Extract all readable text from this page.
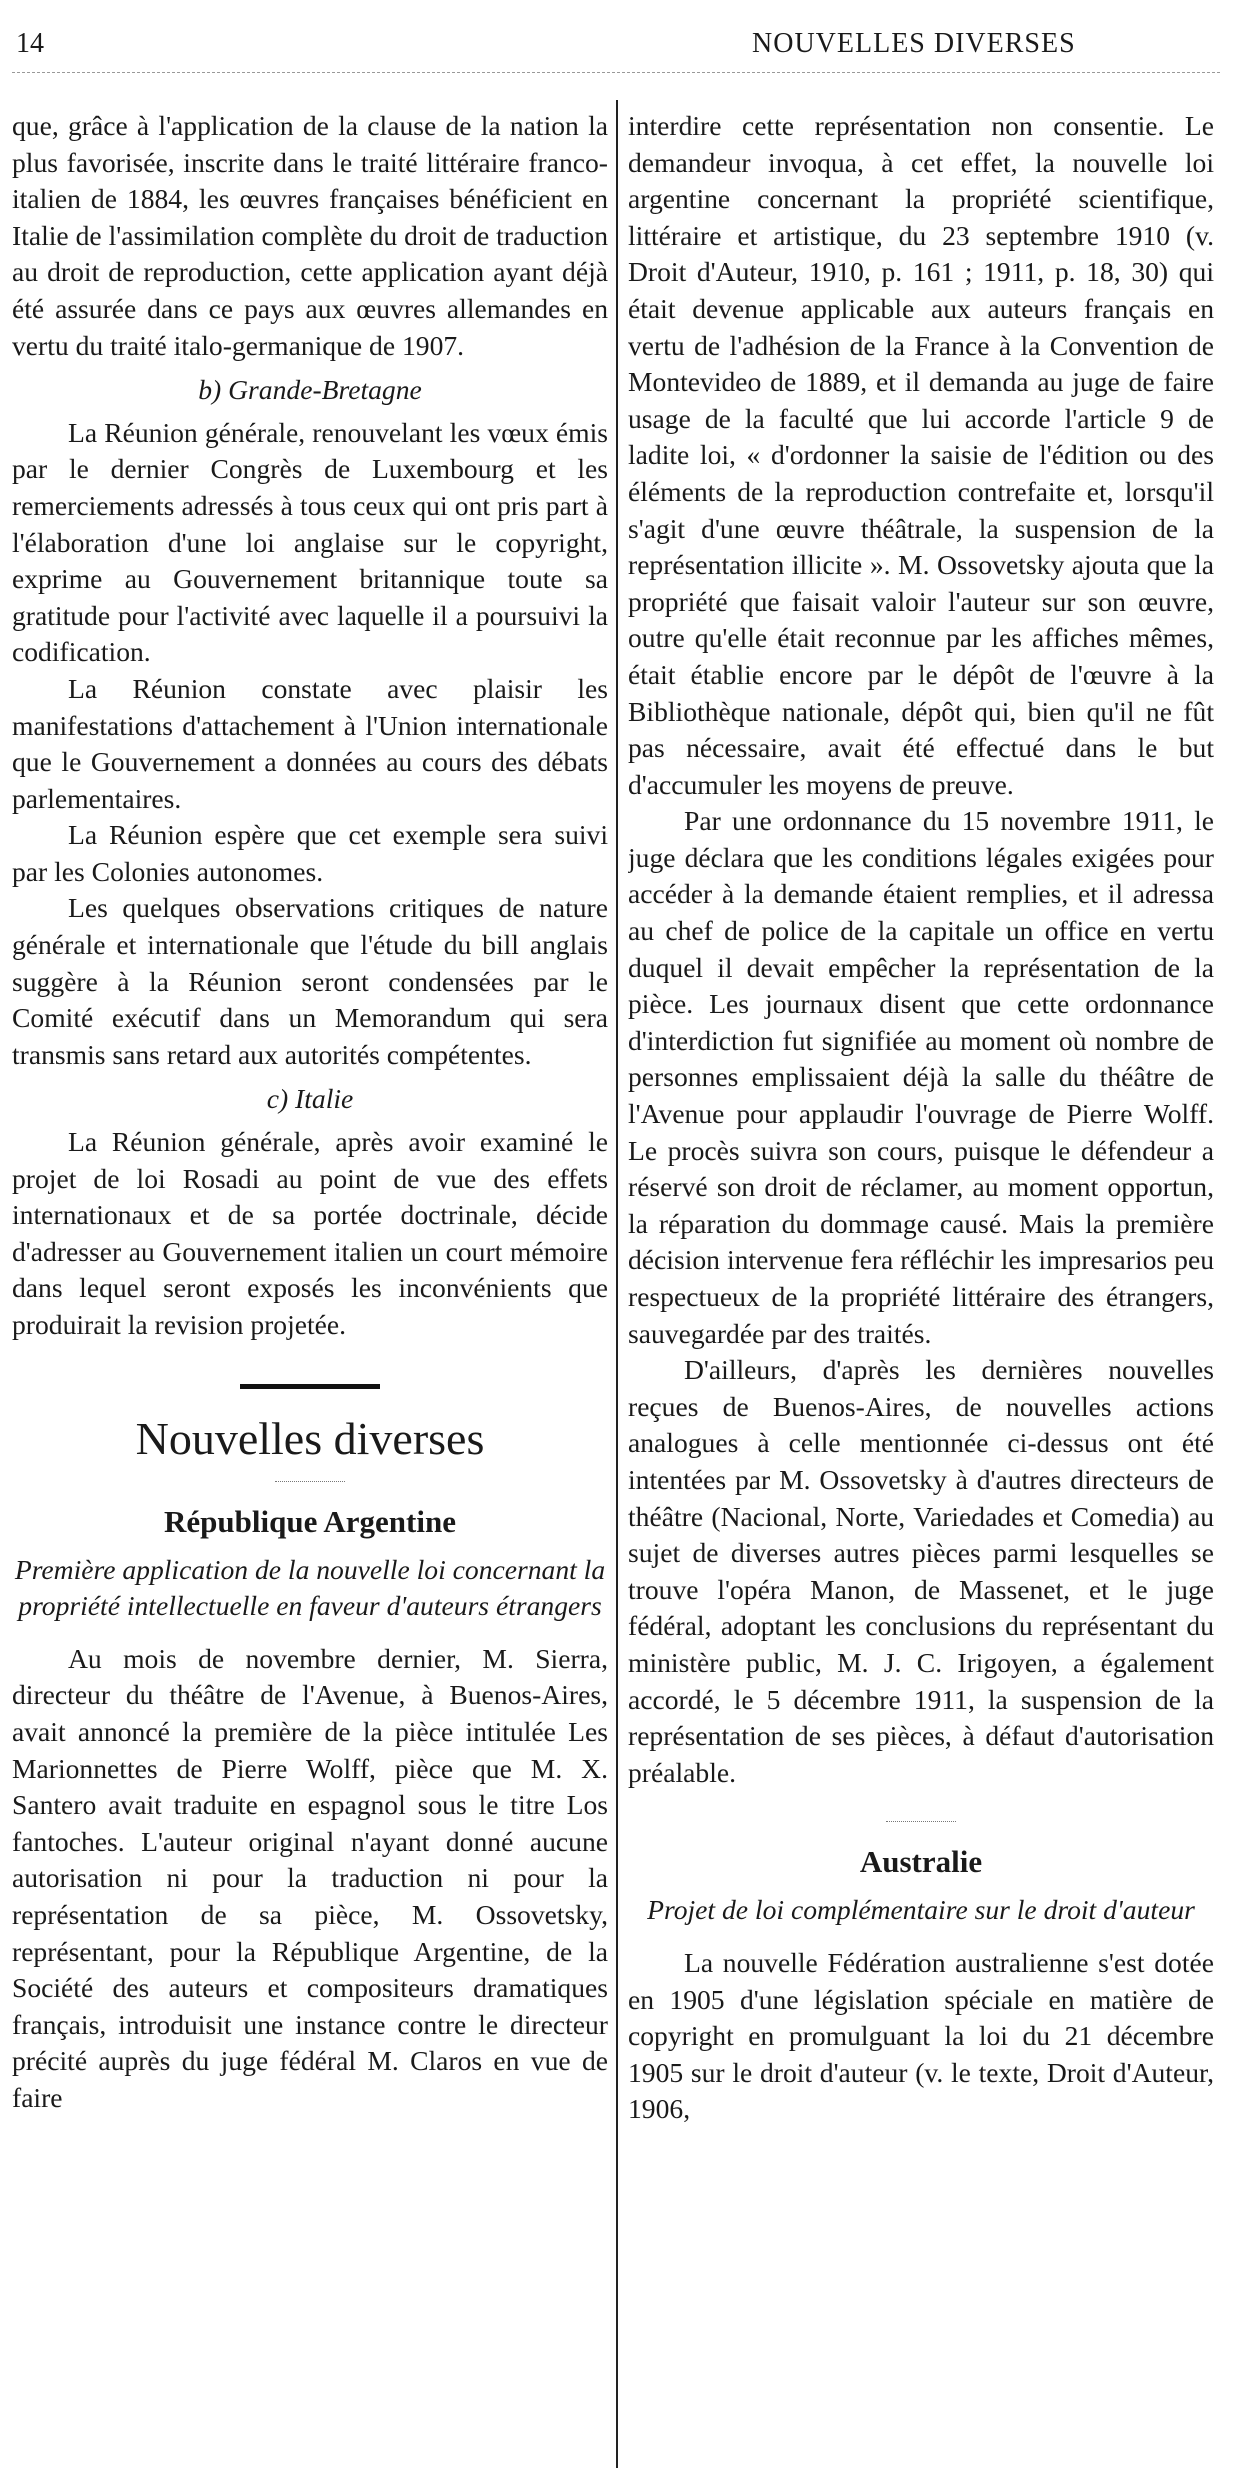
14	NOUVELLES DIVERSES

que, grâce à l'application de la clause de la nation la plus favorisée, inscrite dans le traité littéraire franco-italien de 1884, les œuvres françaises bénéficient en Italie de l'assimilation complète du droit de traduction au droit de reproduction, cette application ayant déjà été assurée dans ce pays aux œuvres allemandes en vertu du traité italo-germanique de 1907.

b) Grande-Bretagne

La Réunion générale, renouvelant les vœux émis par le dernier Congrès de Luxembourg et les remerciements adressés à tous ceux qui ont pris part à l'élaboration d'une loi anglaise sur le copyright, exprime au Gouvernement britannique toute sa gratitude pour l'activité avec laquelle il a poursuivi la codification.

La Réunion constate avec plaisir les manifestations d'attachement à l'Union internationale que le Gouvernement a données au cours des débats parlementaires.

La Réunion espère que cet exemple sera suivi par les Colonies autonomes.

Les quelques observations critiques de nature générale et internationale que l'étude du bill anglais suggère à la Réunion seront condensées par le Comité exécutif dans un Memorandum qui sera transmis sans retard aux autorités compétentes.

c) Italie

La Réunion générale, après avoir examiné le projet de loi Rosadi au point de vue des effets internationaux et de sa portée doctrinale, décide d'adresser au Gouvernement italien un court mémoire dans lequel seront exposés les inconvénients que produirait la revision projetée.

Nouvelles diverses
République Argentine

Première application de la nouvelle loi concernant la propriété intellectuelle en faveur d'auteurs étrangers

Au mois de novembre dernier, M. Sierra, directeur du théâtre de l'Avenue, à Buenos-Aires, avait annoncé la première de la pièce intitulée Les Marionnettes de Pierre Wolff, pièce que M. X. Santero avait traduite en espagnol sous le titre Los fantoches. L'auteur original n'ayant donné aucune autorisation ni pour la traduction ni pour la représentation de sa pièce, M. Ossovetsky, représentant, pour la République Argentine, de la Société des auteurs et compositeurs dramatiques français, introduisit une instance contre le directeur précité auprès du juge fédéral M. Claros en vue de faire

interdire cette représentation non consentie. Le demandeur invoqua, à cet effet, la nouvelle loi argentine concernant la propriété scientifique, littéraire et artistique, du 23 septembre 1910 (v. Droit d'Auteur, 1910, p. 161 ; 1911, p. 18, 30) qui était devenue applicable aux auteurs français en vertu de l'adhésion de la France à la Convention de Montevideo de 1889, et il demanda au juge de faire usage de la faculté que lui accorde l'article 9 de ladite loi, « d'ordonner la saisie de l'édition ou des éléments de la reproduction contrefaite et, lorsqu'il s'agit d'une œuvre théâtrale, la suspension de la représentation illicite ». M. Ossovetsky ajouta que la propriété que faisait valoir l'auteur sur son œuvre, outre qu'elle était reconnue par les affiches mêmes, était établie encore par le dépôt de l'œuvre à la Bibliothèque nationale, dépôt qui, bien qu'il ne fût pas nécessaire, avait été effectué dans le but d'accumuler les moyens de preuve.

Par une ordonnance du 15 novembre 1911, le juge déclara que les conditions légales exigées pour accéder à la demande étaient remplies, et il adressa au chef de police de la capitale un office en vertu duquel il devait empêcher la représentation de la pièce. Les journaux disent que cette ordonnance d'interdiction fut signifiée au moment où nombre de personnes emplissaient déjà la salle du théâtre de l'Avenue pour applaudir l'ouvrage de Pierre Wolff. Le procès suivra son cours, puisque le défendeur a réservé son droit de réclamer, au moment opportun, la réparation du dommage causé. Mais la première décision intervenue fera réfléchir les impresarios peu respectueux de la propriété littéraire des étrangers, sauvegardée par des traités.

D'ailleurs, d'après les dernières nouvelles reçues de Buenos-Aires, de nouvelles actions analogues à celle mentionnée ci-dessus ont été intentées par M. Ossovetsky à d'autres directeurs de théâtre (Nacional, Norte, Variedades et Comedia) au sujet de diverses autres pièces parmi lesquelles se trouve l'opéra Manon, de Massenet, et le juge fédéral, adoptant les conclusions du représentant du ministère public, M. J. C. Irigoyen, a également accordé, le 5 décembre 1911, la suspension de la représentation de ses pièces, à défaut d'autorisation préalable.

Australie

Projet de loi complémentaire sur le droit d'auteur

La nouvelle Fédération australienne s'est dotée en 1905 d'une législation spéciale en matière de copyright en promulguant la loi du 21 décembre 1905 sur le droit d'auteur (v. le texte, Droit d'Auteur, 1906,
